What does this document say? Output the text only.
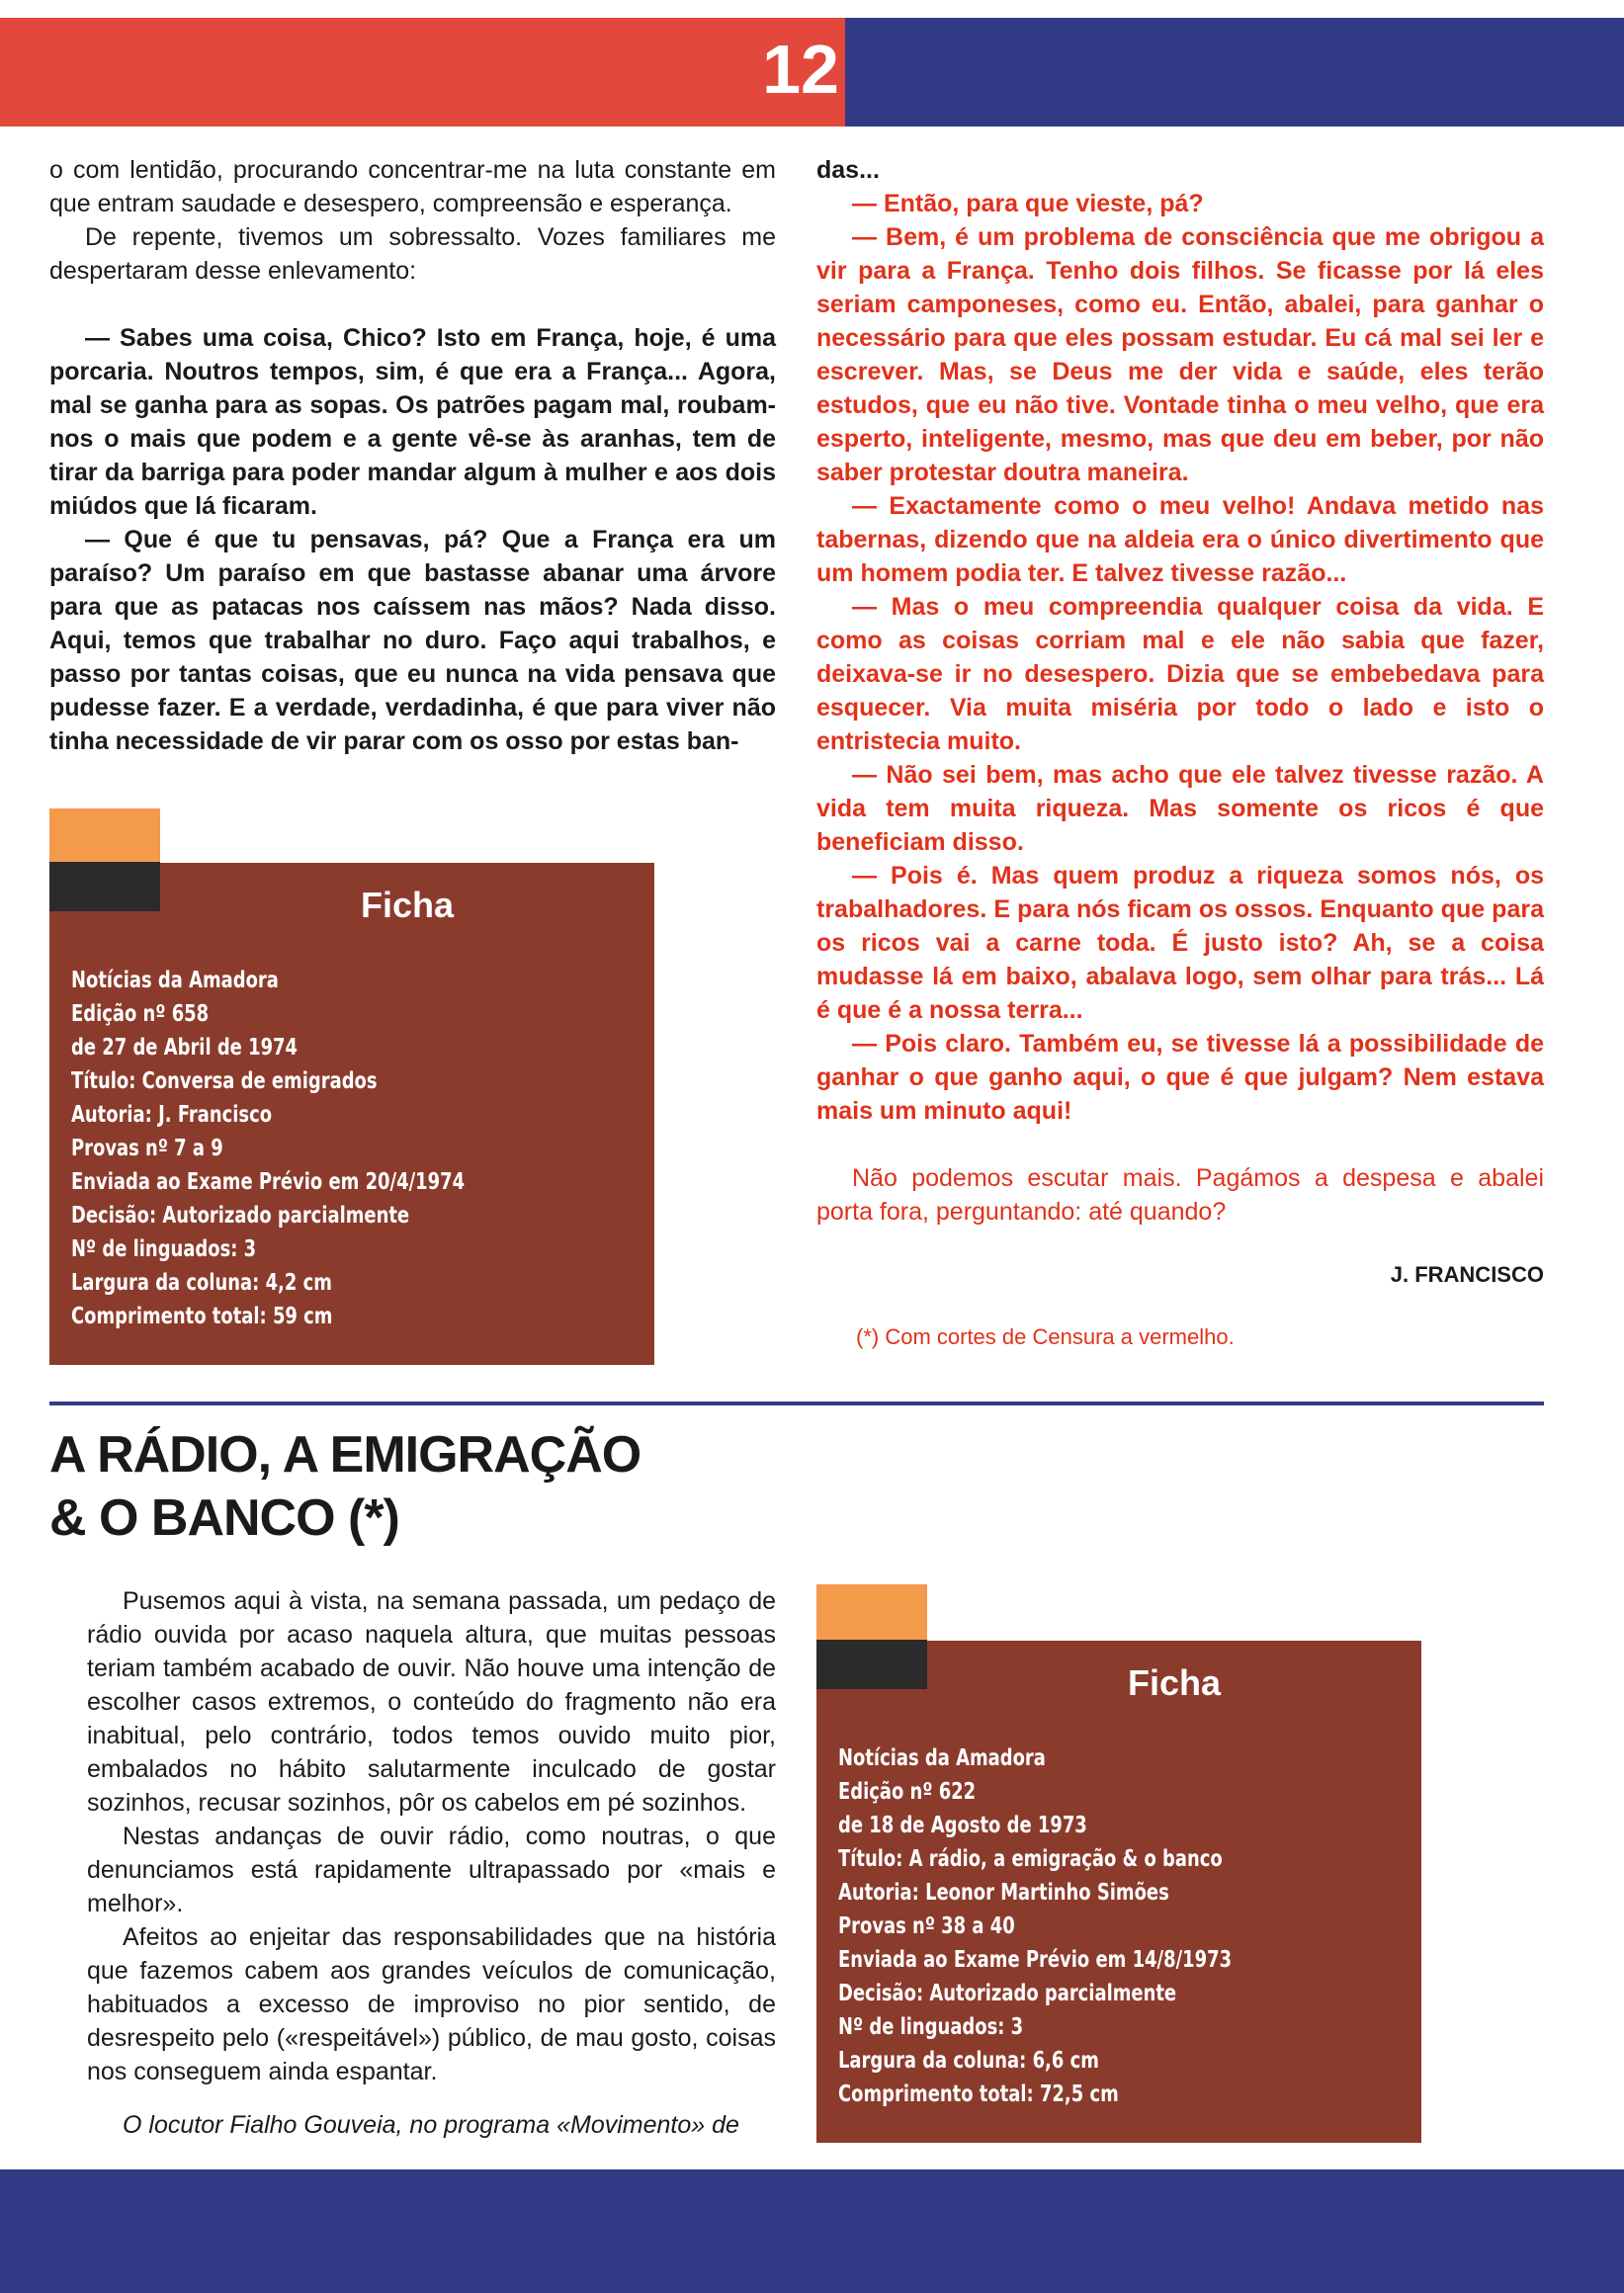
12

o com lentidão, procurando concentrar-me na luta constante em que entram saudade e desespero, compreensão e esperança.

De repente, tivemos um sobressalto. Vozes familiares me despertaram desse enlevamento:

— Sabes uma coisa, Chico? Isto em França, hoje, é uma porcaria. Noutros tempos, sim, é que era a França... Agora, mal se ganha para as sopas. Os patrões pagam mal, roubam-nos o mais que podem e a gente vê-se às aranhas, tem de tirar da barriga para poder mandar algum à mulher e aos dois miúdos que lá ficaram.

— Que é que tu pensavas, pá? Que a França era um paraíso? Um paraíso em que bastasse abanar uma árvore para que as patacas nos caíssem nas mãos? Nada disso. Aqui, temos que trabalhar no duro. Faço aqui trabalhos, e passo por tantas coisas, que eu nunca na vida pensava que pudesse fazer. E a verdade, verdadinha, é que para viver não tinha necessidade de vir parar com os osso por estas ban-

Ficha
Notícias da Amadora
Edição nº 658
de 27 de Abril de 1974
Título: Conversa de emigrados
Autoria: J. Francisco
Provas nº 7 a 9
Enviada ao Exame Prévio em 20/4/1974
Decisão: Autorizado parcialmente
Nº de linguados: 3
Largura da coluna: 4,2 cm
Comprimento total: 59 cm

das...

— Então, para que vieste, pá?

— Bem, é um problema de consciência que me obrigou a vir para a França. Tenho dois filhos. Se ficasse por lá eles seriam camponeses, como eu. Então, abalei, para ganhar o necessário para que eles possam estudar. Eu cá mal sei ler e escrever. Mas, se Deus me der vida e saúde, eles terão estudos, que eu não tive. Vontade tinha o meu velho, que era esperto, inteligente, mesmo, mas que deu em beber, por não saber protestar doutra maneira.

— Exactamente como o meu velho! Andava metido nas tabernas, dizendo que na aldeia era o único divertimento que um homem podia ter. E talvez tivesse razão...

— Mas o meu compreendia qualquer coisa da vida. E como as coisas corriam mal e ele não sabia que fazer, deixava-se ir no desespero. Dizia que se embebedava para esquecer. Via muita miséria por todo o lado e isto o entristecia muito.

— Não sei bem, mas acho que ele talvez tivesse razão. A vida tem muita riqueza. Mas somente os ricos é que beneficiam disso.

— Pois é. Mas quem produz a riqueza somos nós, os trabalhadores. E para nós ficam os ossos. Enquanto que para os ricos vai a carne toda. É justo isto? Ah, se a coisa mudasse lá em baixo, abalava logo, sem olhar para trás... Lá é que é a nossa terra...

— Pois claro. Também eu, se tivesse lá a possibilidade de ganhar o que ganho aqui, o que é que julgam? Nem estava mais um minuto aqui!

Não podemos escutar mais. Pagámos a despesa e abalei porta fora, perguntando: até quando?

J. FRANCISCO
(*) Com cortes de Censura a vermelho.
A RÁDIO, A EMIGRAÇÃO
& O BANCO (*)

Pusemos aqui à vista, na semana passada, um pedaço de rádio ouvida por acaso naquela altura, que muitas pessoas teriam também acabado de ouvir. Não houve uma intenção de escolher casos extremos, o conteúdo do fragmento não era inabitual, pelo contrário, todos temos ouvido muito pior, embalados no hábito salutarmente inculcado de gostar sozinhos, recusar sozinhos, pôr os cabelos em pé sozinhos.

Nestas andanças de ouvir rádio, como noutras, o que denunciamos está rapidamente ultrapassado por «mais e melhor».

Afeitos ao enjeitar das responsabilidades que na história que fazemos cabem aos grandes veículos de comunicação, habituados a excesso de improviso no pior sentido, de desrespeito pelo («respeitável») público, de mau gosto, coisas nos conseguem ainda espantar.

O locutor Fialho Gouveia, no programa «Movimento» de

Ficha
Notícias da Amadora
Edição nº 622
de 18 de Agosto de 1973
Título: A rádio, a emigração & o banco
Autoria: Leonor Martinho Simões
Provas nº 38 a 40
Enviada ao Exame Prévio em 14/8/1973
Decisão: Autorizado parcialmente
Nº de linguados: 3
Largura da coluna: 6,6 cm
Comprimento total: 72,5 cm
